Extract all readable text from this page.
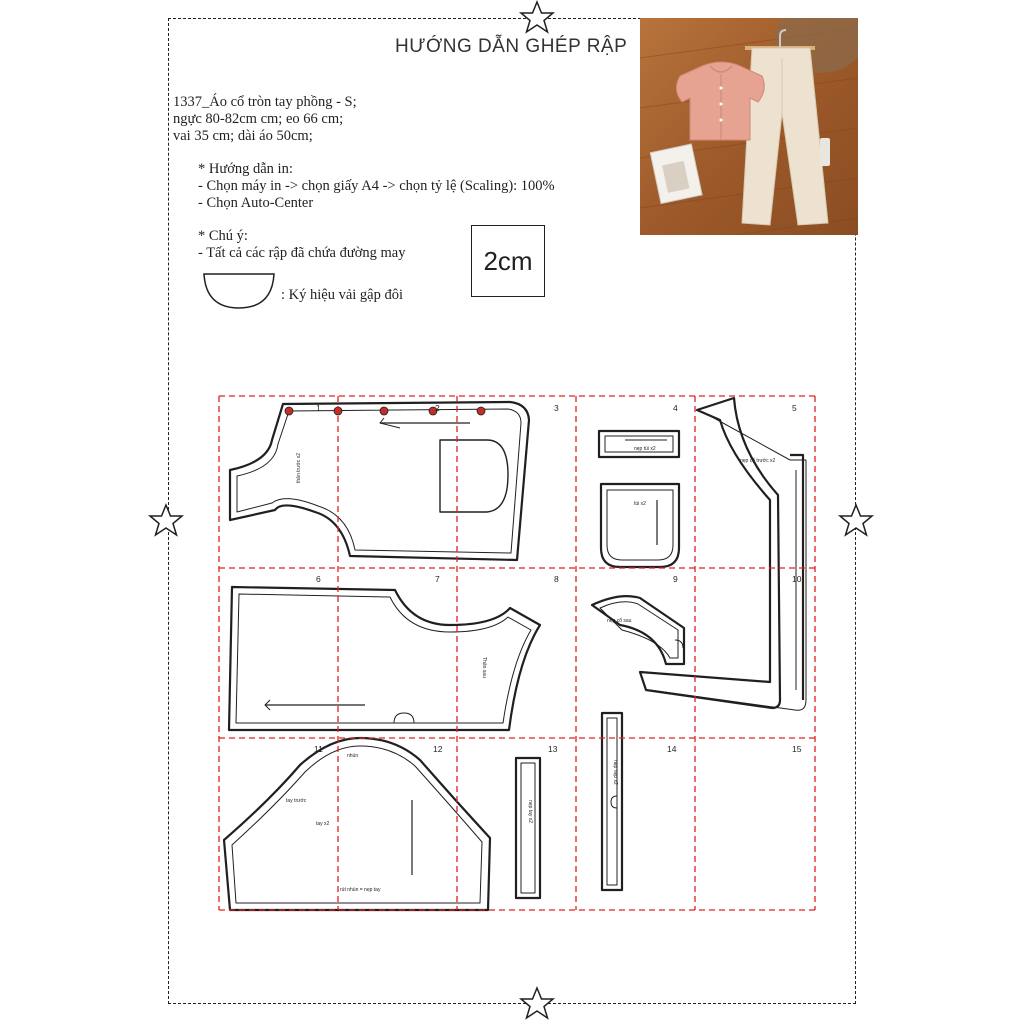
HƯỚNG DẪN GHÉP RẬP
1337_Áo cổ tròn tay phồng - S;
ngực 80-82cm cm; eo 66 cm;
vai 35 cm; dài áo 50cm;
* Hướng dẫn in:
- Chọn máy in -> chọn giấy A4 -> chọn tỷ lệ (Scaling): 100%
- Chọn Auto-Center
* Chú ý:
- Tất cả các rập đã chứa đường may
: Ký hiệu vải gập đôi
2cm
1	2	3	4	5
6	7	8	9	10
11	12	13	14	15
thân trước x2
nẹp túi x2
túi x2
nẹp cổ trước x2
nẹp cổ sau
Thân sau
nhún
tay trước
tay x2
rút nhún = nẹp tay
nẹp tay x2
nẹp nẹp x2
